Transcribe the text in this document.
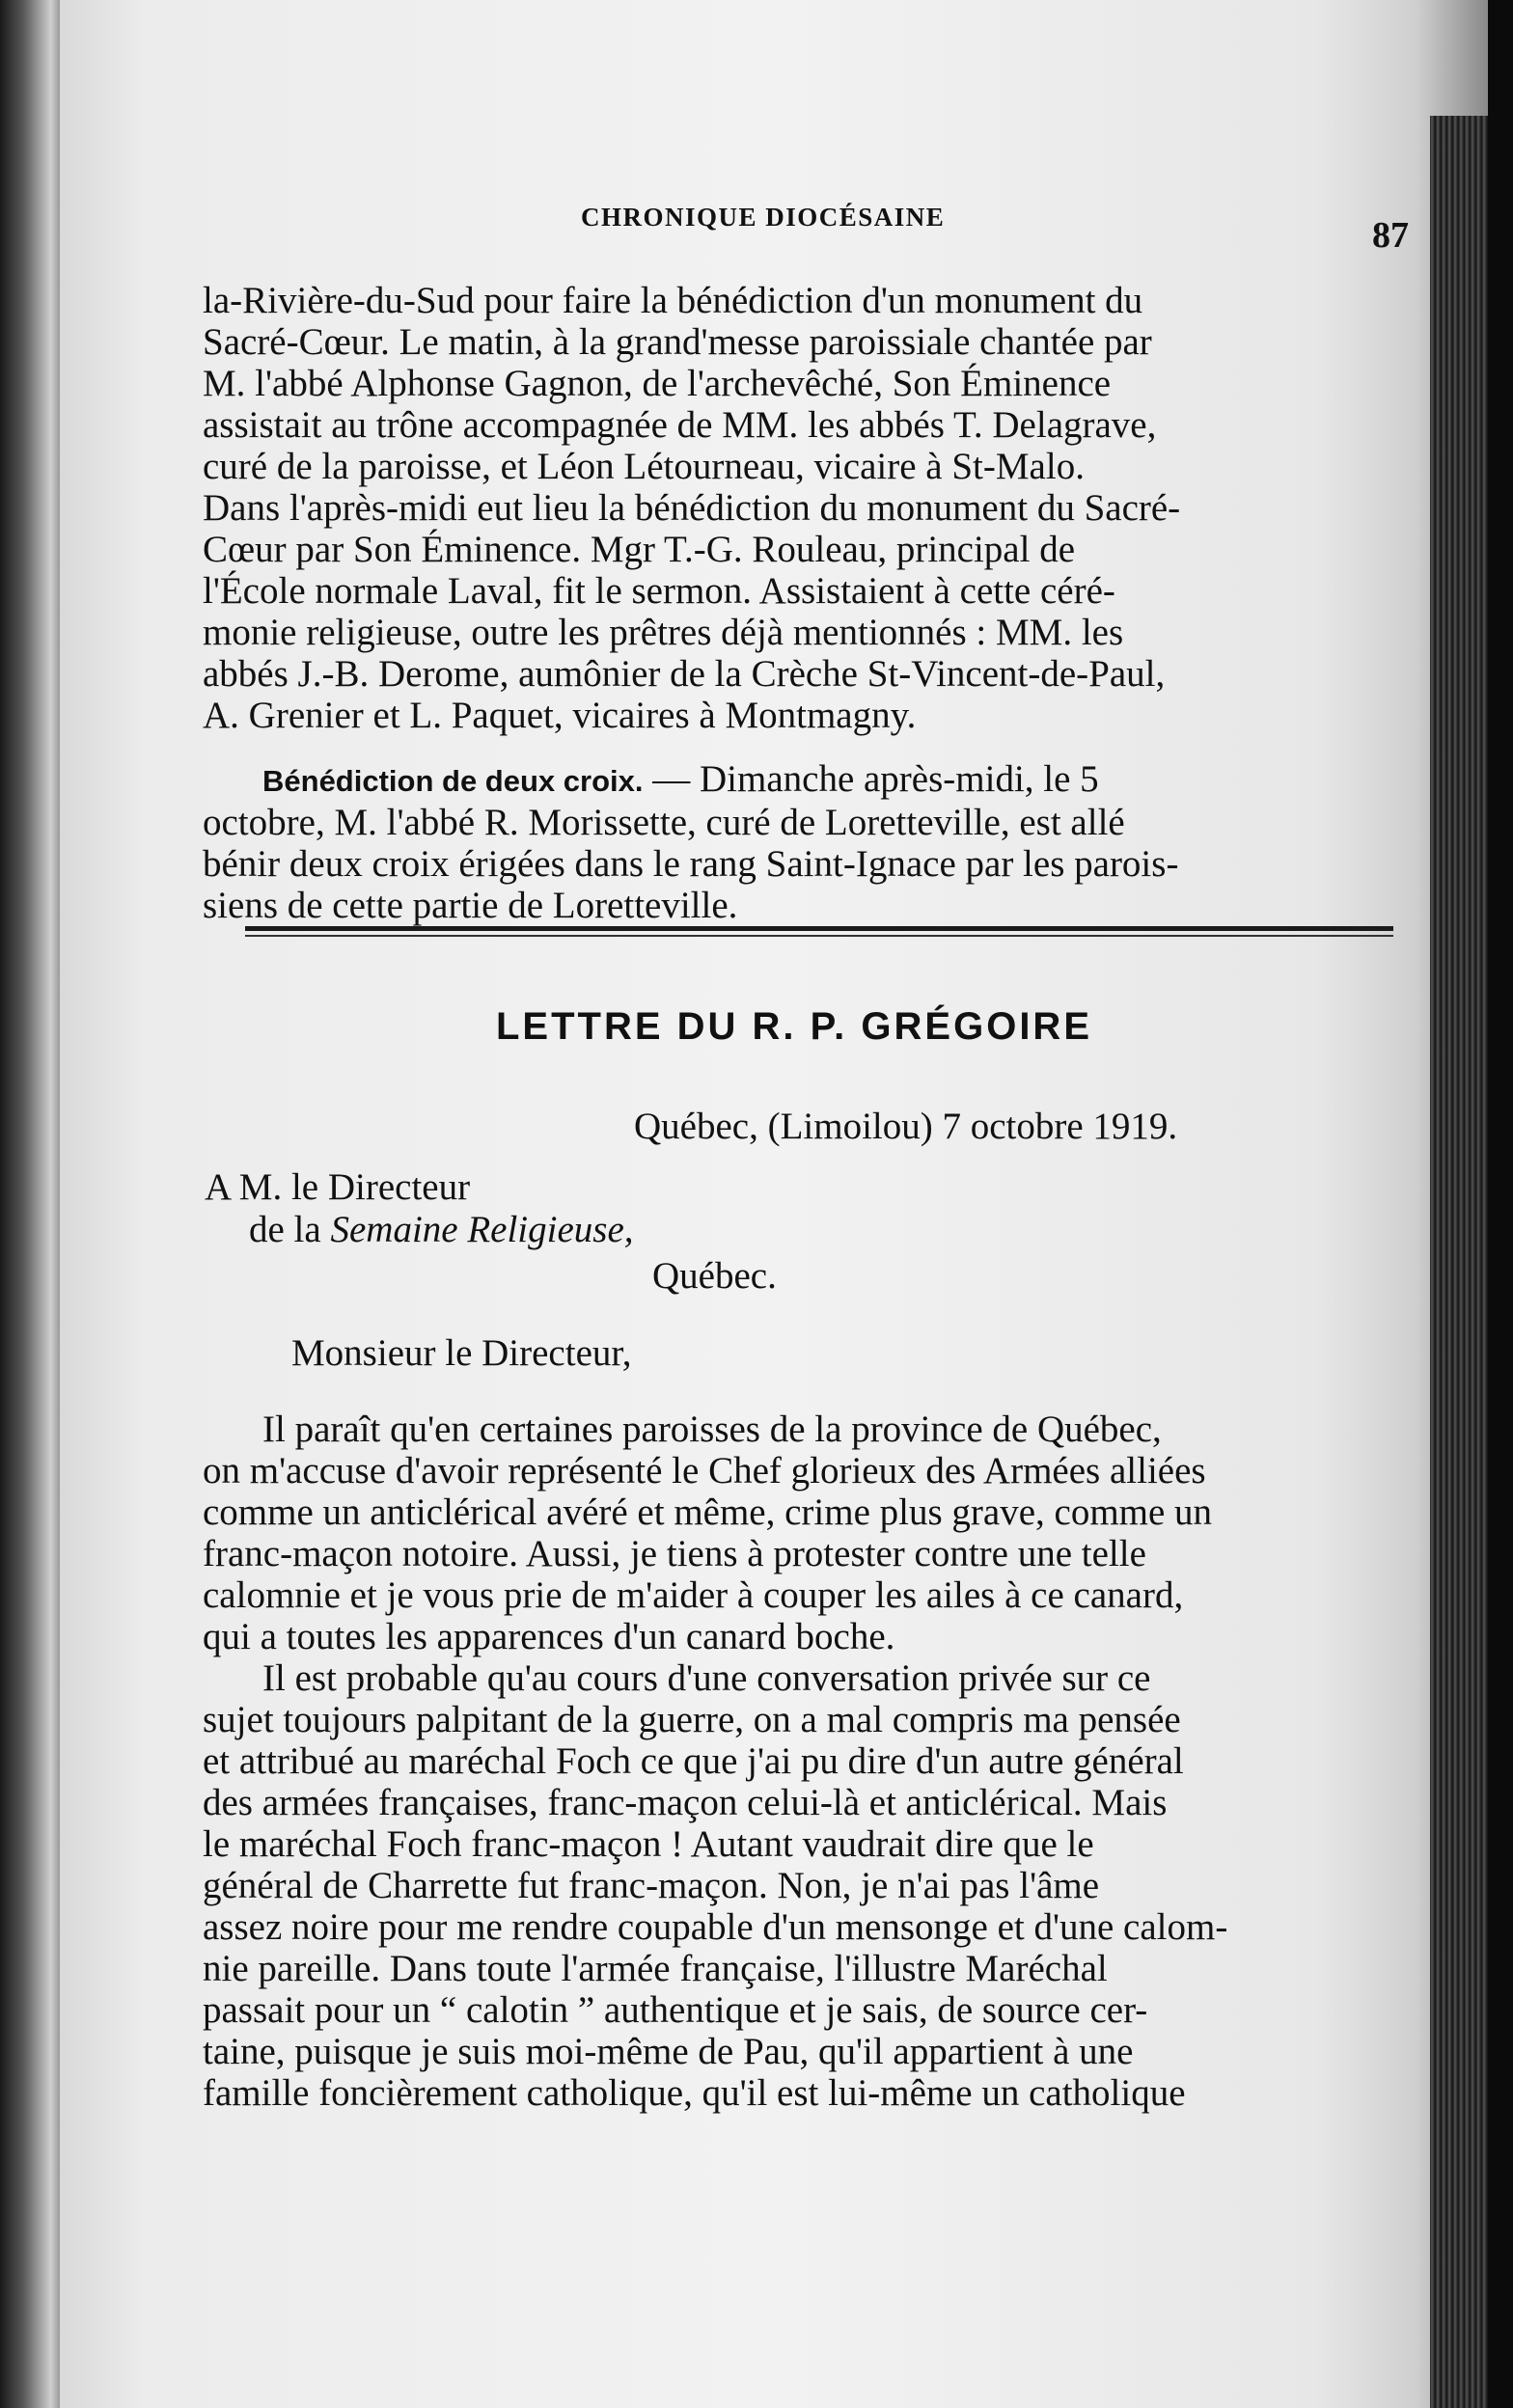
CHRONIQUE DIOCÉSAINE	87

la-Rivière-du-Sud pour faire la bénédiction d'un monument du
Sacré-Cœur. Le matin, à la grand'messe paroissiale chantée par
M. l'abbé Alphonse Gagnon, de l'archevêché, Son Éminence
assistait au trône accompagnée de MM. les abbés T. Delagrave,
curé de la paroisse, et Léon Létourneau, vicaire à St-Malo.
Dans l'après-midi eut lieu la bénédiction du monument du Sacré-
Cœur par Son Éminence. Mgr T.-G. Rouleau, principal de
l'École normale Laval, fit le sermon. Assistaient à cette céré-
monie religieuse, outre les prêtres déjà mentionnés : MM. les
abbés J.-B. Derome, aumônier de la Crèche St-Vincent-de-Paul,
A. Grenier et L. Paquet, vicaires à Montmagny.

Bénédiction de deux croix. — Dimanche après-midi, le 5
octobre, M. l'abbé R. Morissette, curé de Loretteville, est allé
bénir deux croix érigées dans le rang Saint-Ignace par les parois-
siens de cette partie de Loretteville.

LETTRE DU R. P. GRÉGOIRE

Québec, (Limoilou) 7 octobre 1919.

A M. le Directeur

de la Semaine Religieuse,

Québec.

Monsieur le Directeur,

Il paraît qu'en certaines paroisses de la province de Québec,
on m'accuse d'avoir représenté le Chef glorieux des Armées alliées
comme un anticlérical avéré et même, crime plus grave, comme un
franc-maçon notoire. Aussi, je tiens à protester contre une telle
calomnie et je vous prie de m'aider à couper les ailes à ce canard,
qui a toutes les apparences d'un canard boche.

Il est probable qu'au cours d'une conversation privée sur ce
sujet toujours palpitant de la guerre, on a mal compris ma pensée
et attribué au maréchal Foch ce que j'ai pu dire d'un autre général
des armées françaises, franc-maçon celui-là et anticlérical. Mais
le maréchal Foch franc-maçon ! Autant vaudrait dire que le
général de Charrette fut franc-maçon. Non, je n'ai pas l'âme
assez noire pour me rendre coupable d'un mensonge et d'une calom-
nie pareille. Dans toute l'armée française, l'illustre Maréchal
passait pour un “ calotin ” authentique et je sais, de source cer-
taine, puisque je suis moi-même de Pau, qu'il appartient à une
famille foncièrement catholique, qu'il est lui-même un catholique
